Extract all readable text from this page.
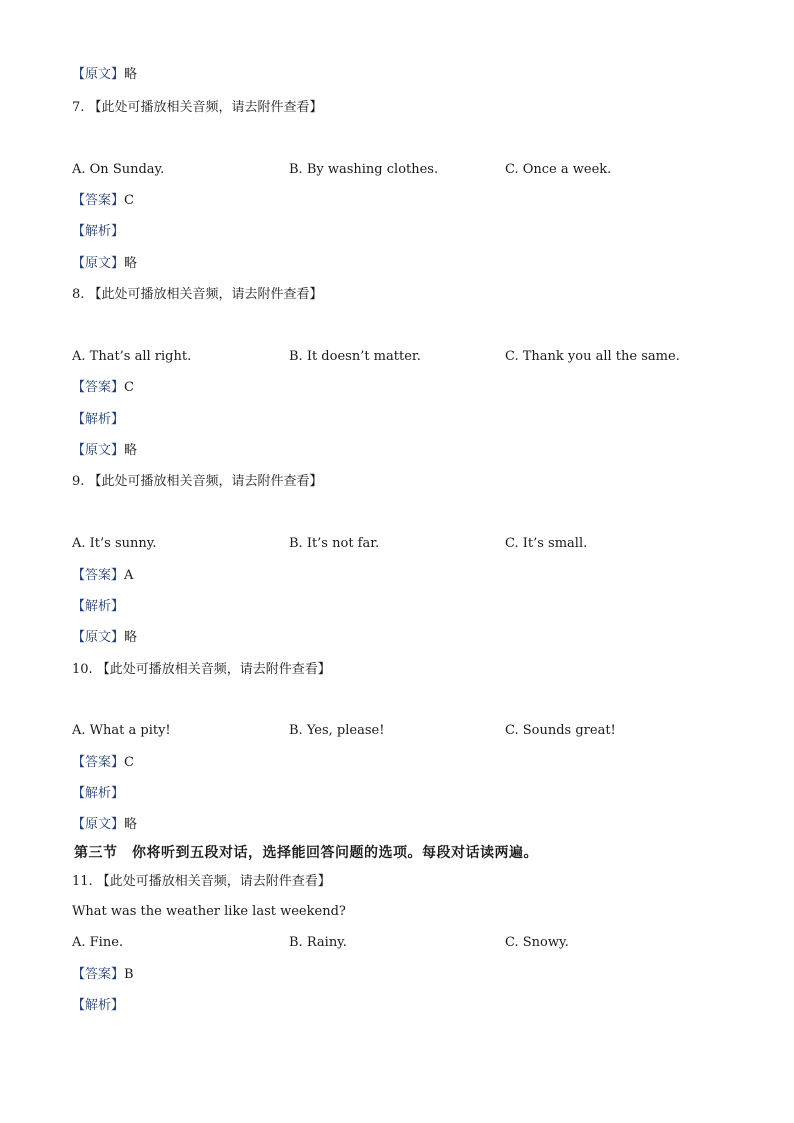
【原文】略
7. 【此处可播放相关音频，请去附件查看】
A. On Sunday.	B. By washing clothes.	C. Once a week.
【答案】C
【解析】
【原文】略
8. 【此处可播放相关音频，请去附件查看】
A. That’s all right.	B. It doesn’t matter.	C. Thank you all the same.
【答案】C
【解析】
【原文】略
9. 【此处可播放相关音频，请去附件查看】
A. It’s sunny.	B. It’s not far.	C. It’s small.
【答案】A
【解析】
【原文】略
10. 【此处可播放相关音频，请去附件查看】
A. What a pity!	B. Yes, please!	C. Sounds great!
【答案】C
【解析】
【原文】略
第三节　你将听到五段对话，选择能回答问题的选项。每段对话读两遍。
11. 【此处可播放相关音频，请去附件查看】
What was the weather like last weekend?
A. Fine.	B. Rainy.	C. Snowy.
【答案】B
【解析】
